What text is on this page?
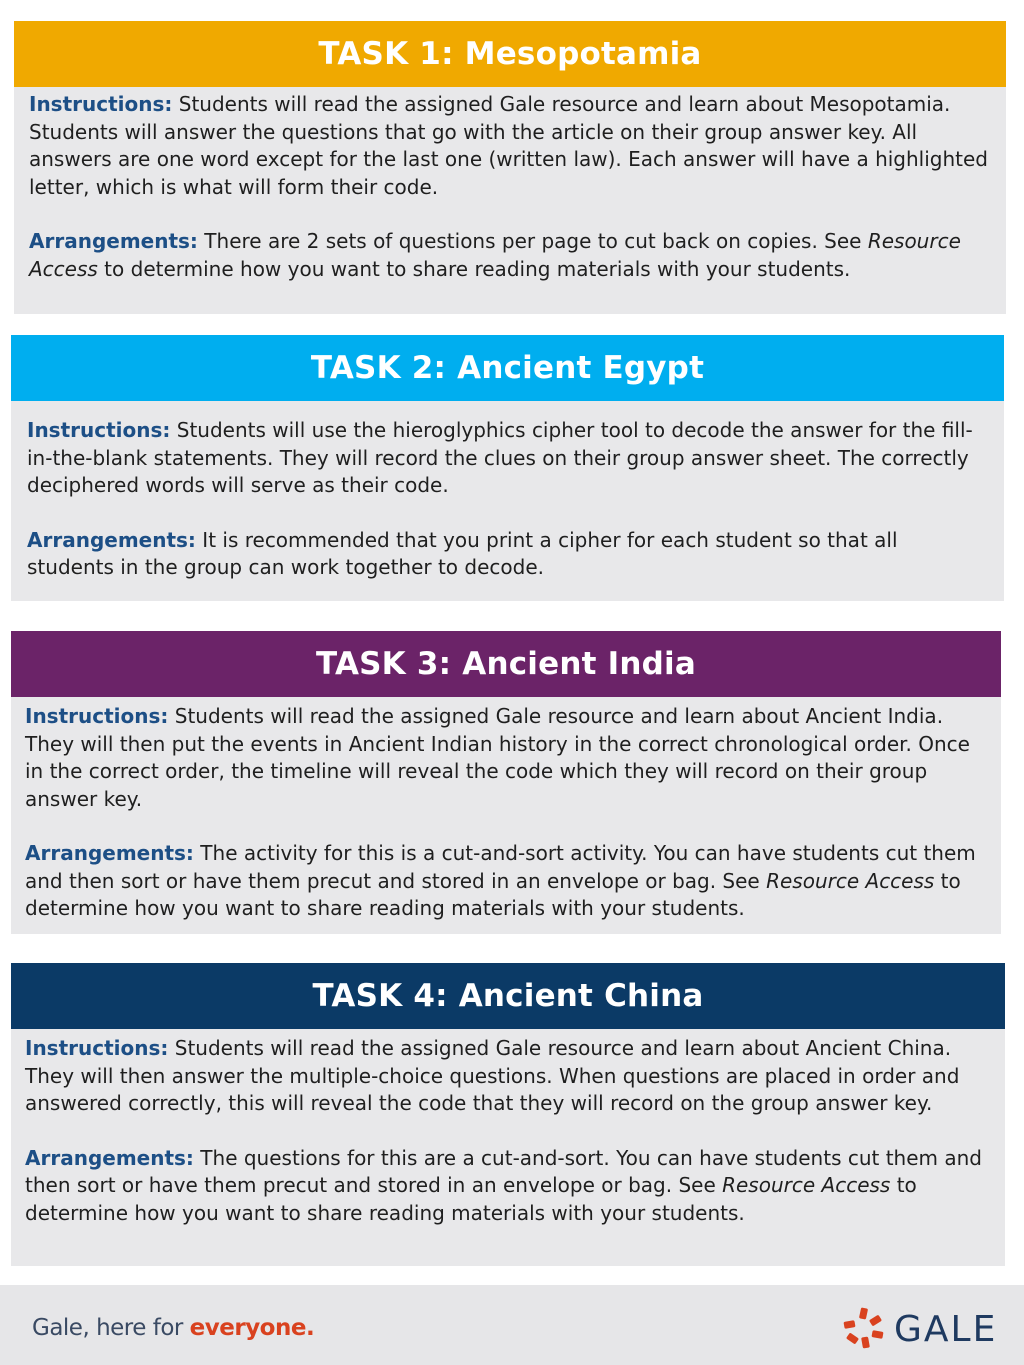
TASK 1: Mesopotamia

Instructions: Students will read the assigned Gale resource and learn about Mesopotamia. Students will answer the questions that go with the article on their group answer key. All answers are one word except for the last one (written law). Each answer will have a highlighted letter, which is what will form their code.

Arrangements: There are 2 sets of questions per page to cut back on copies. See Resource Access to determine how you want to share reading materials with your students.

TASK 2: Ancient Egypt

Instructions: Students will use the hieroglyphics cipher tool to decode the answer for the fill-in-the-blank statements. They will record the clues on their group answer sheet. The correctly deciphered words will serve as their code.

Arrangements: It is recommended that you print a cipher for each student so that all students in the group can work together to decode.

TASK 3: Ancient India

Instructions: Students will read the assigned Gale resource and learn about Ancient India. They will then put the events in Ancient Indian history in the correct chronological order. Once in the correct order, the timeline will reveal the code which they will record on their group answer key.

Arrangements: The activity for this is a cut-and-sort activity. You can have students cut them and then sort or have them precut and stored in an envelope or bag. See Resource Access to determine how you want to share reading materials with your students.

TASK 4: Ancient China

Instructions: Students will read the assigned Gale resource and learn about Ancient China. They will then answer the multiple-choice questions. When questions are placed in order and answered correctly, this will reveal the code that they will record on the group answer key.

Arrangements: The questions for this are a cut-and-sort. You can have students cut them and then sort or have them precut and stored in an envelope or bag. See Resource Access to determine how you want to share reading materials with your students.

Gale, here for everyone.	GALE
